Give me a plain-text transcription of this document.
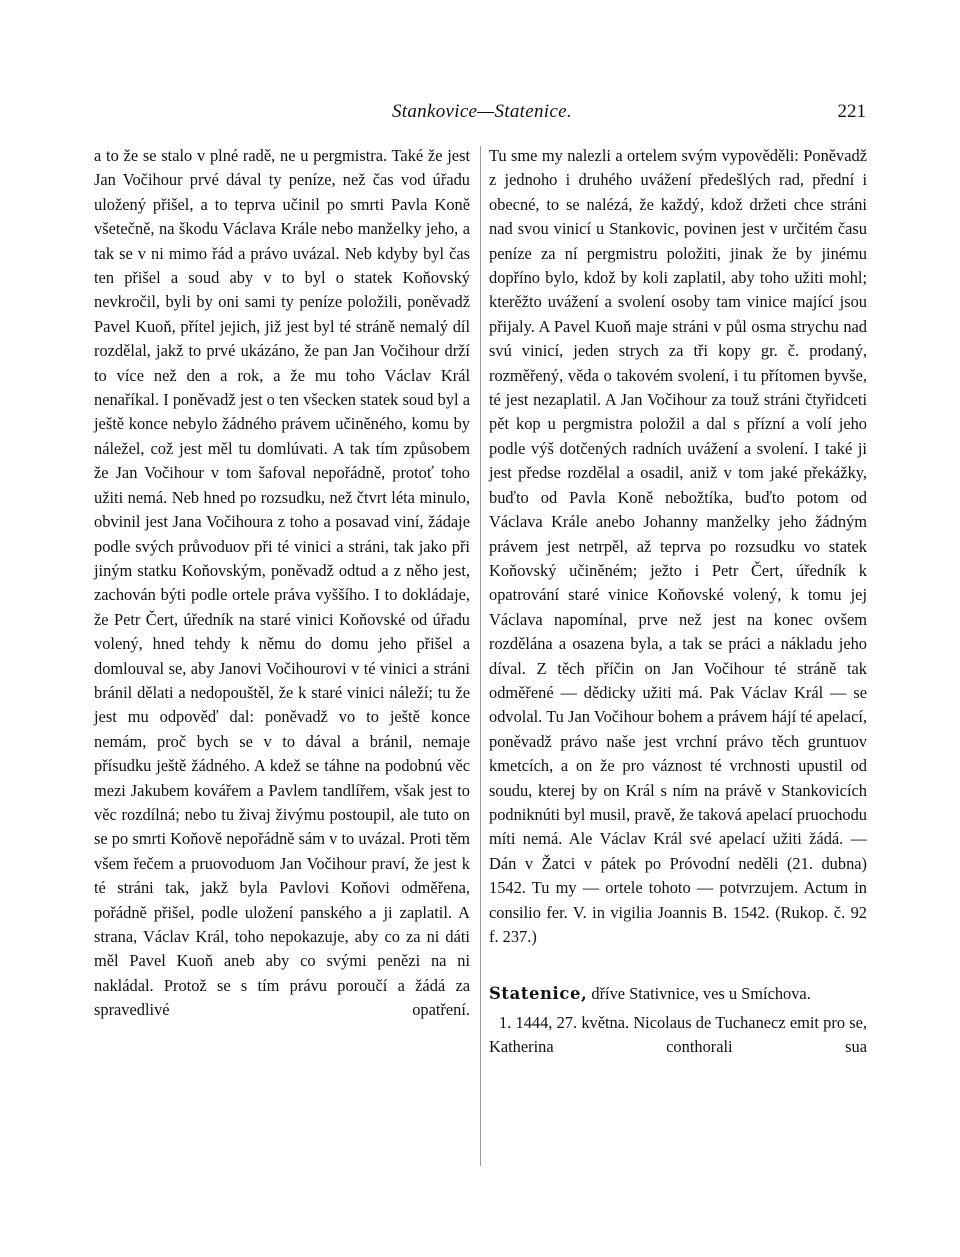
Stankovice—Statenice.	221

a to že se stalo v plné radě, ne u pergmistra. Také že jest Jan Vočihour prvé dával ty peníze, než čas vod úřadu uložený přišel, a to teprva učinil po smrti Pavla Koně všetečně, na škodu Václava Krále nebo manželky jeho, a tak se v ni mimo řád a právo uvázal. Neb kdyby byl čas ten přišel a soud aby v to byl o statek Koňovský nevkročil, byli by oni sami ty peníze položili, poněvadž Pavel Kuoň, přítel jejich, již jest byl té stráně nemalý díl rozdělal, jakž to prvé ukázáno, že pan Jan Vočihour drží to více než den a rok, a že mu toho Václav Král nenaříkal. I poněvadž jest o ten všecken statek soud byl a ještě konce nebylo žádného právem učiněného, komu by náležel, což jest měl tu domlúvati. A tak tím způsobem že Jan Vočihour v tom šafoval nepořádně, protoť toho užiti nemá. Neb hned po rozsudku, než čtvrt léta minulo, obvinil jest Jana Vočihoura z toho a posavad viní, žádaje podle svých průvoduov při té vinici a stráni, tak jako při jiným statku Koňovským, poněvadž odtud a z něho jest, zachován býti podle ortele práva vyššího. I to dokládaje, že Petr Čert, úředník na staré vinici Koňovské od úřadu volený, hned tehdy k němu do domu jeho přišel a domlouval se, aby Janovi Vočihourovi v té vinici a stráni bránil dělati a nedopouštěl, že k staré vinici náleží; tu že jest mu odpověď dal: poněvadž vo to ještě konce nemám, proč bych se v to dával a bránil, nemaje přísudku ještě žádného. A kdež se táhne na podobnú věc mezi Jakubem kovářem a Pavlem tandlířem, však jest to věc rozdílná; nebo tu živaj živýmu postoupil, ale tuto on se po smrti Koňově nepořádně sám v to uvázal. Proti těm všem řečem a pruovoduom Jan Vočihour praví, že jest k té stráni tak, jakž byla Pavlovi Koňovi odměřena, pořádně přišel, podle uložení panského a ji zaplatil. A strana, Václav Král, toho nepokazuje, aby co za ni dáti měl Pavel Kuoň aneb aby co svými penězi na ni nakládal. Protož se s tím právu poroučí a žádá za spravedlivé opatření.

Tu sme my nalezli a ortelem svým vypověděli: Poněvadž z jednoho i druhého uvážení předešlých rad, přední i obecné, to se nalézá, že každý, kdož držeti chce stráni nad svou vinicí u Stankovic, povinen jest v určitém času peníze za ní pergmistru položiti, jinak že by jinému dopříno bylo, kdož by koli zaplatil, aby toho užiti mohl; kterěžto uvážení a svolení osoby tam vinice mající jsou přijaly. A Pavel Kuoň maje stráni v půl osma strychu nad svú vinicí, jeden strych za tři kopy gr. č. prodaný, rozměřený, věda o takovém svolení, i tu přítomen byvše, té jest nezaplatil. A Jan Vočihour za touž stráni čtyřidceti pět kop u pergmistra položil a dal s přízní a volí jeho podle výš dotčených radních uvážení a svolení. I také ji jest předse rozdělal a osadil, aniž v tom jaké překážky, buďto od Pavla Koně nebožtíka, buďto potom od Václava Krále anebo Johanny manželky jeho žádným právem jest netrpěl, až teprva po rozsudku vo statek Koňovský učiněném; ježto i Petr Čert, úředník k opatrování staré vinice Koňovské volený, k tomu jej Václava napomínal, prve než jest na konec ovšem rozdělána a osazena byla, a tak se práci a nákladu jeho díval. Z těch příčin on Jan Vočihour té stráně tak odměřené — dědicky užiti má. Pak Václav Král — se odvolal. Tu Jan Vočihour bohem a právem hájí té apelací, poněvadž právo naše jest vrchní právo těch gruntuov kmetcích, a on že pro váznost té vrchnosti upustil od soudu, kterej by on Král s ním na právě v Stankovicích podniknúti byl musil, pravě, že taková apelací pruochodu míti nemá. Ale Václav Král své apelací užiti žádá. — Dán v Žatci v pátek po Próvodní neděli (21. dubna) 1542. Tu my — ortele tohoto — potvrzujem. Actum in consilio fer. V. in vigilia Joannis B. 1542. (Rukop. č. 92 f. 237.)

Statenice, dříve Stativnice, ves u Smíchova.

1. 1444, 27. května. Nicolaus de Tuchanecz emit pro se, Katherina conthorali sua
